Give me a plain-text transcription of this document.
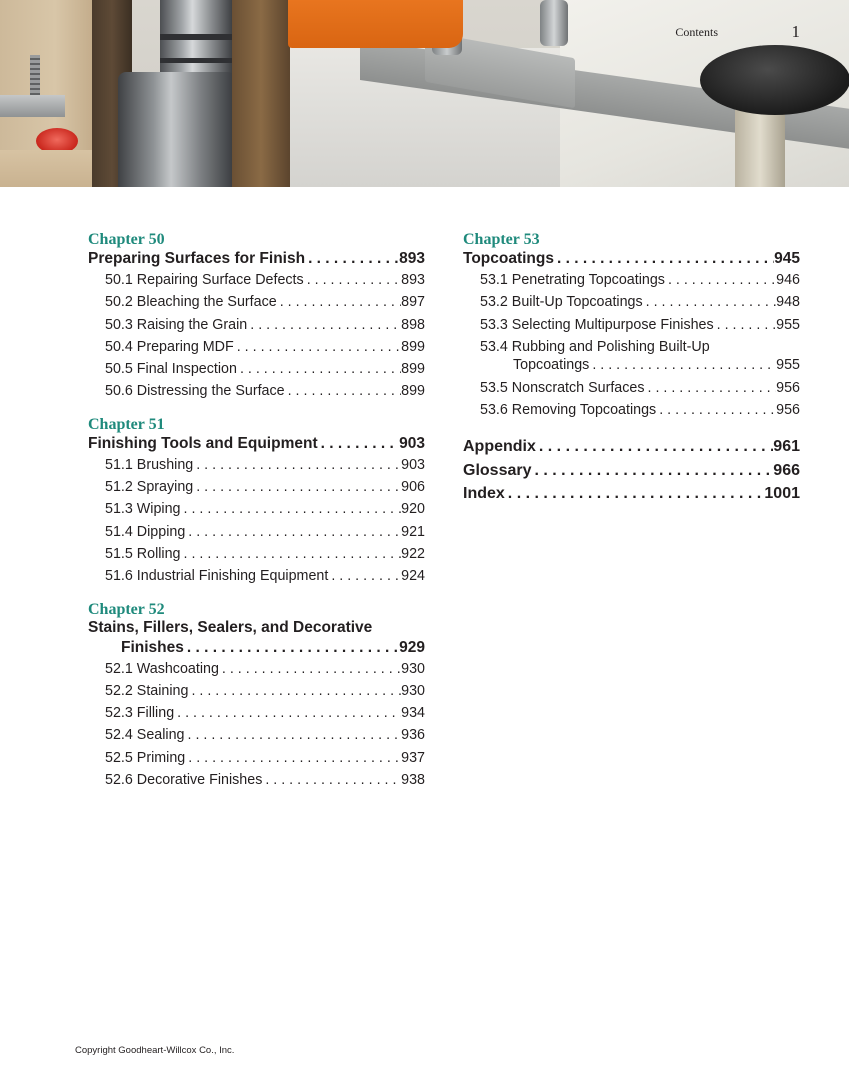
Contents	1
Chapter 50
Preparing Surfaces for Finish . . .	893
50.1 Repairing Surface Defects . . .	893
50.2 Bleaching the Surface . . .	897
50.3 Raising the Grain . . .	898
50.4 Preparing MDF . . .	899
50.5 Final Inspection . . .	899
50.6 Distressing the Surface . . .	899
Chapter 51
Finishing Tools and Equipment . . .	903
51.1 Brushing . . .	903
51.2 Spraying . . .	906
51.3 Wiping . . .	920
51.4 Dipping . . .	921
51.5 Rolling . . .	922
51.6 Industrial Finishing Equipment . . .	924
Chapter 52
Stains, Fillers, Sealers, and Decorative
Finishes . . .	929
52.1 Washcoating . . .	930
52.2 Staining . . .	930
52.3 Filling . . .	934
52.4 Sealing . . .	936
52.5 Priming . . .	937
52.6 Decorative Finishes . . .	938
Chapter 53
Topcoatings . . .	945
53.1 Penetrating Topcoatings . . .	946
53.2 Built-Up Topcoatings . . .	948
53.3 Selecting Multipurpose Finishes . . .	955
53.4 Rubbing and Polishing Built-Up
Topcoatings . . .	955
53.5 Nonscratch Surfaces . . .	956
53.6 Removing Topcoatings . . .	956
Appendix . . .	961
Glossary . . .	966
Index . . .	1001
Copyright Goodheart-Willcox Co., Inc.
